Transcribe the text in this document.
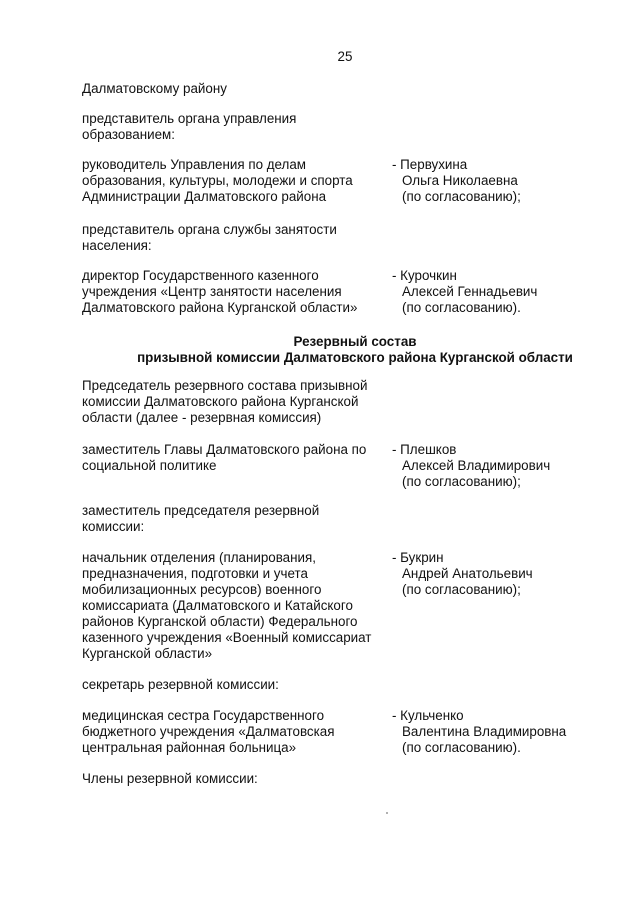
25
Далматовскому району
представитель органа управления
образованием:
руководитель Управления по делам
образования, культуры, молодежи и спорта
Администрации Далматовского района
- Первухина
Ольга Николаевна
(по согласованию);
представитель органа службы занятости
населения:
директор Государственного казенного
учреждения «Центр занятости населения
Далматовского района Курганской области»
- Курочкин
Алексей Геннадьевич
(по согласованию).
Резервный состав
призывной комиссии Далматовского района Курганской области
Председатель резервного состава призывной
комиссии Далматовского района Курганской
области (далее - резервная комиссия)
заместитель Главы Далматовского района по
социальной политике
- Плешков
Алексей Владимирович
(по согласованию);
заместитель председателя резервной
комиссии:
начальник отделения (планирования,
предназначения, подготовки и учета
мобилизационных ресурсов) военного
комиссариата (Далматовского и Катайского
районов Курганской области) Федерального
казенного учреждения «Военный комиссариат
Курганской области»
- Букрин
Андрей Анатольевич
(по согласованию);
секретарь резервной комиссии:
медицинская сестра Государственного
бюджетного учреждения «Далматовская
центральная районная больница»
- Кульченко
Валентина Владимировна
(по согласованию).
Члены резервной комиссии:
